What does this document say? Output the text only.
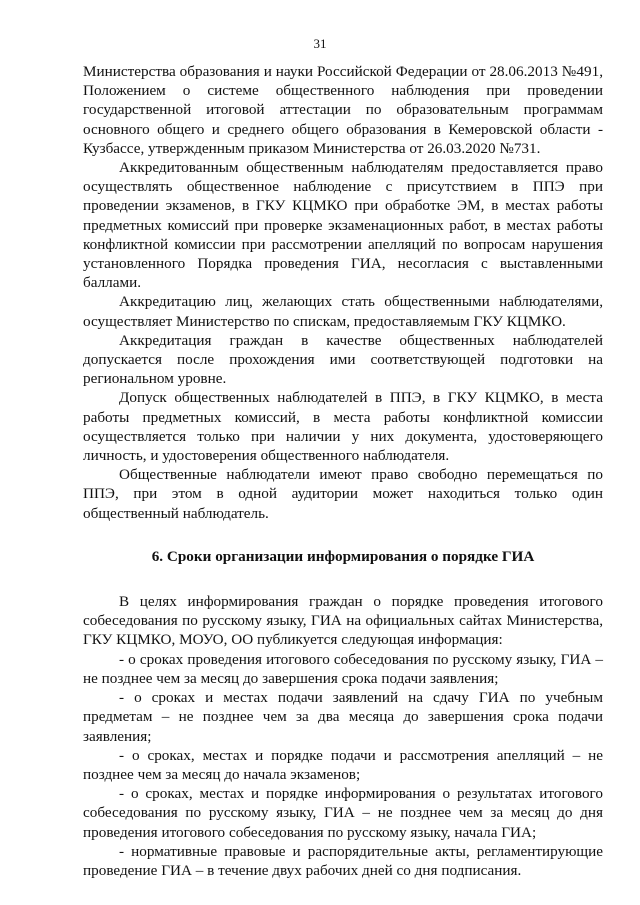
31

Министерства образования и науки Российской Федерации от 28.06.2013 №491, Положением о системе общественного наблюдения при проведении государственной итоговой аттестации по образовательным программам основного общего и среднего общего образования в Кемеровской области - Кузбассе, утвержденным приказом Министерства от 26.03.2020 №731.

Аккредитованным общественным наблюдателям предоставляется право осуществлять общественное наблюдение с присутствием в ППЭ при проведении экзаменов, в ГКУ КЦМКО при обработке ЭМ, в местах работы предметных комиссий при проверке экзаменационных работ, в местах работы конфликтной комиссии при рассмотрении апелляций по вопросам нарушения установленного Порядка проведения ГИА, несогласия с выставленными баллами.

Аккредитацию лиц, желающих стать общественными наблюдателями, осуществляет Министерство по спискам, предоставляемым ГКУ КЦМКО.

Аккредитация граждан в качестве общественных наблюдателей допускается после прохождения ими соответствующей подготовки на региональном уровне.

Допуск общественных наблюдателей в ППЭ, в ГКУ КЦМКО, в места работы предметных комиссий, в места работы конфликтной комиссии осуществляется только при наличии у них документа, удостоверяющего личность, и удостоверения общественного наблюдателя.

Общественные наблюдатели имеют право свободно перемещаться по ППЭ, при этом в одной аудитории может находиться только один общественный наблюдатель.

6. Сроки организации информирования о порядке ГИА

В целях информирования граждан о порядке проведения итогового собеседования по русскому языку, ГИА на официальных сайтах Министерства, ГКУ КЦМКО, МОУО, ОО публикуется следующая информация:

- о сроках проведения итогового собеседования по русскому языку, ГИА – не позднее чем за месяц до завершения срока подачи заявления;

- о сроках и местах подачи заявлений на сдачу ГИА по учебным предметам – не позднее чем за два месяца до завершения срока подачи заявления;

- о сроках, местах и порядке подачи и рассмотрения апелляций – не позднее чем за месяц до начала экзаменов;

- о сроках, местах и порядке информирования о результатах итогового собеседования по русскому языку, ГИА – не позднее чем за месяц до дня проведения итогового собеседования по русскому языку, начала ГИА;

- нормативные правовые и распорядительные акты, регламентирующие проведение ГИА – в течение двух рабочих дней со дня подписания.
